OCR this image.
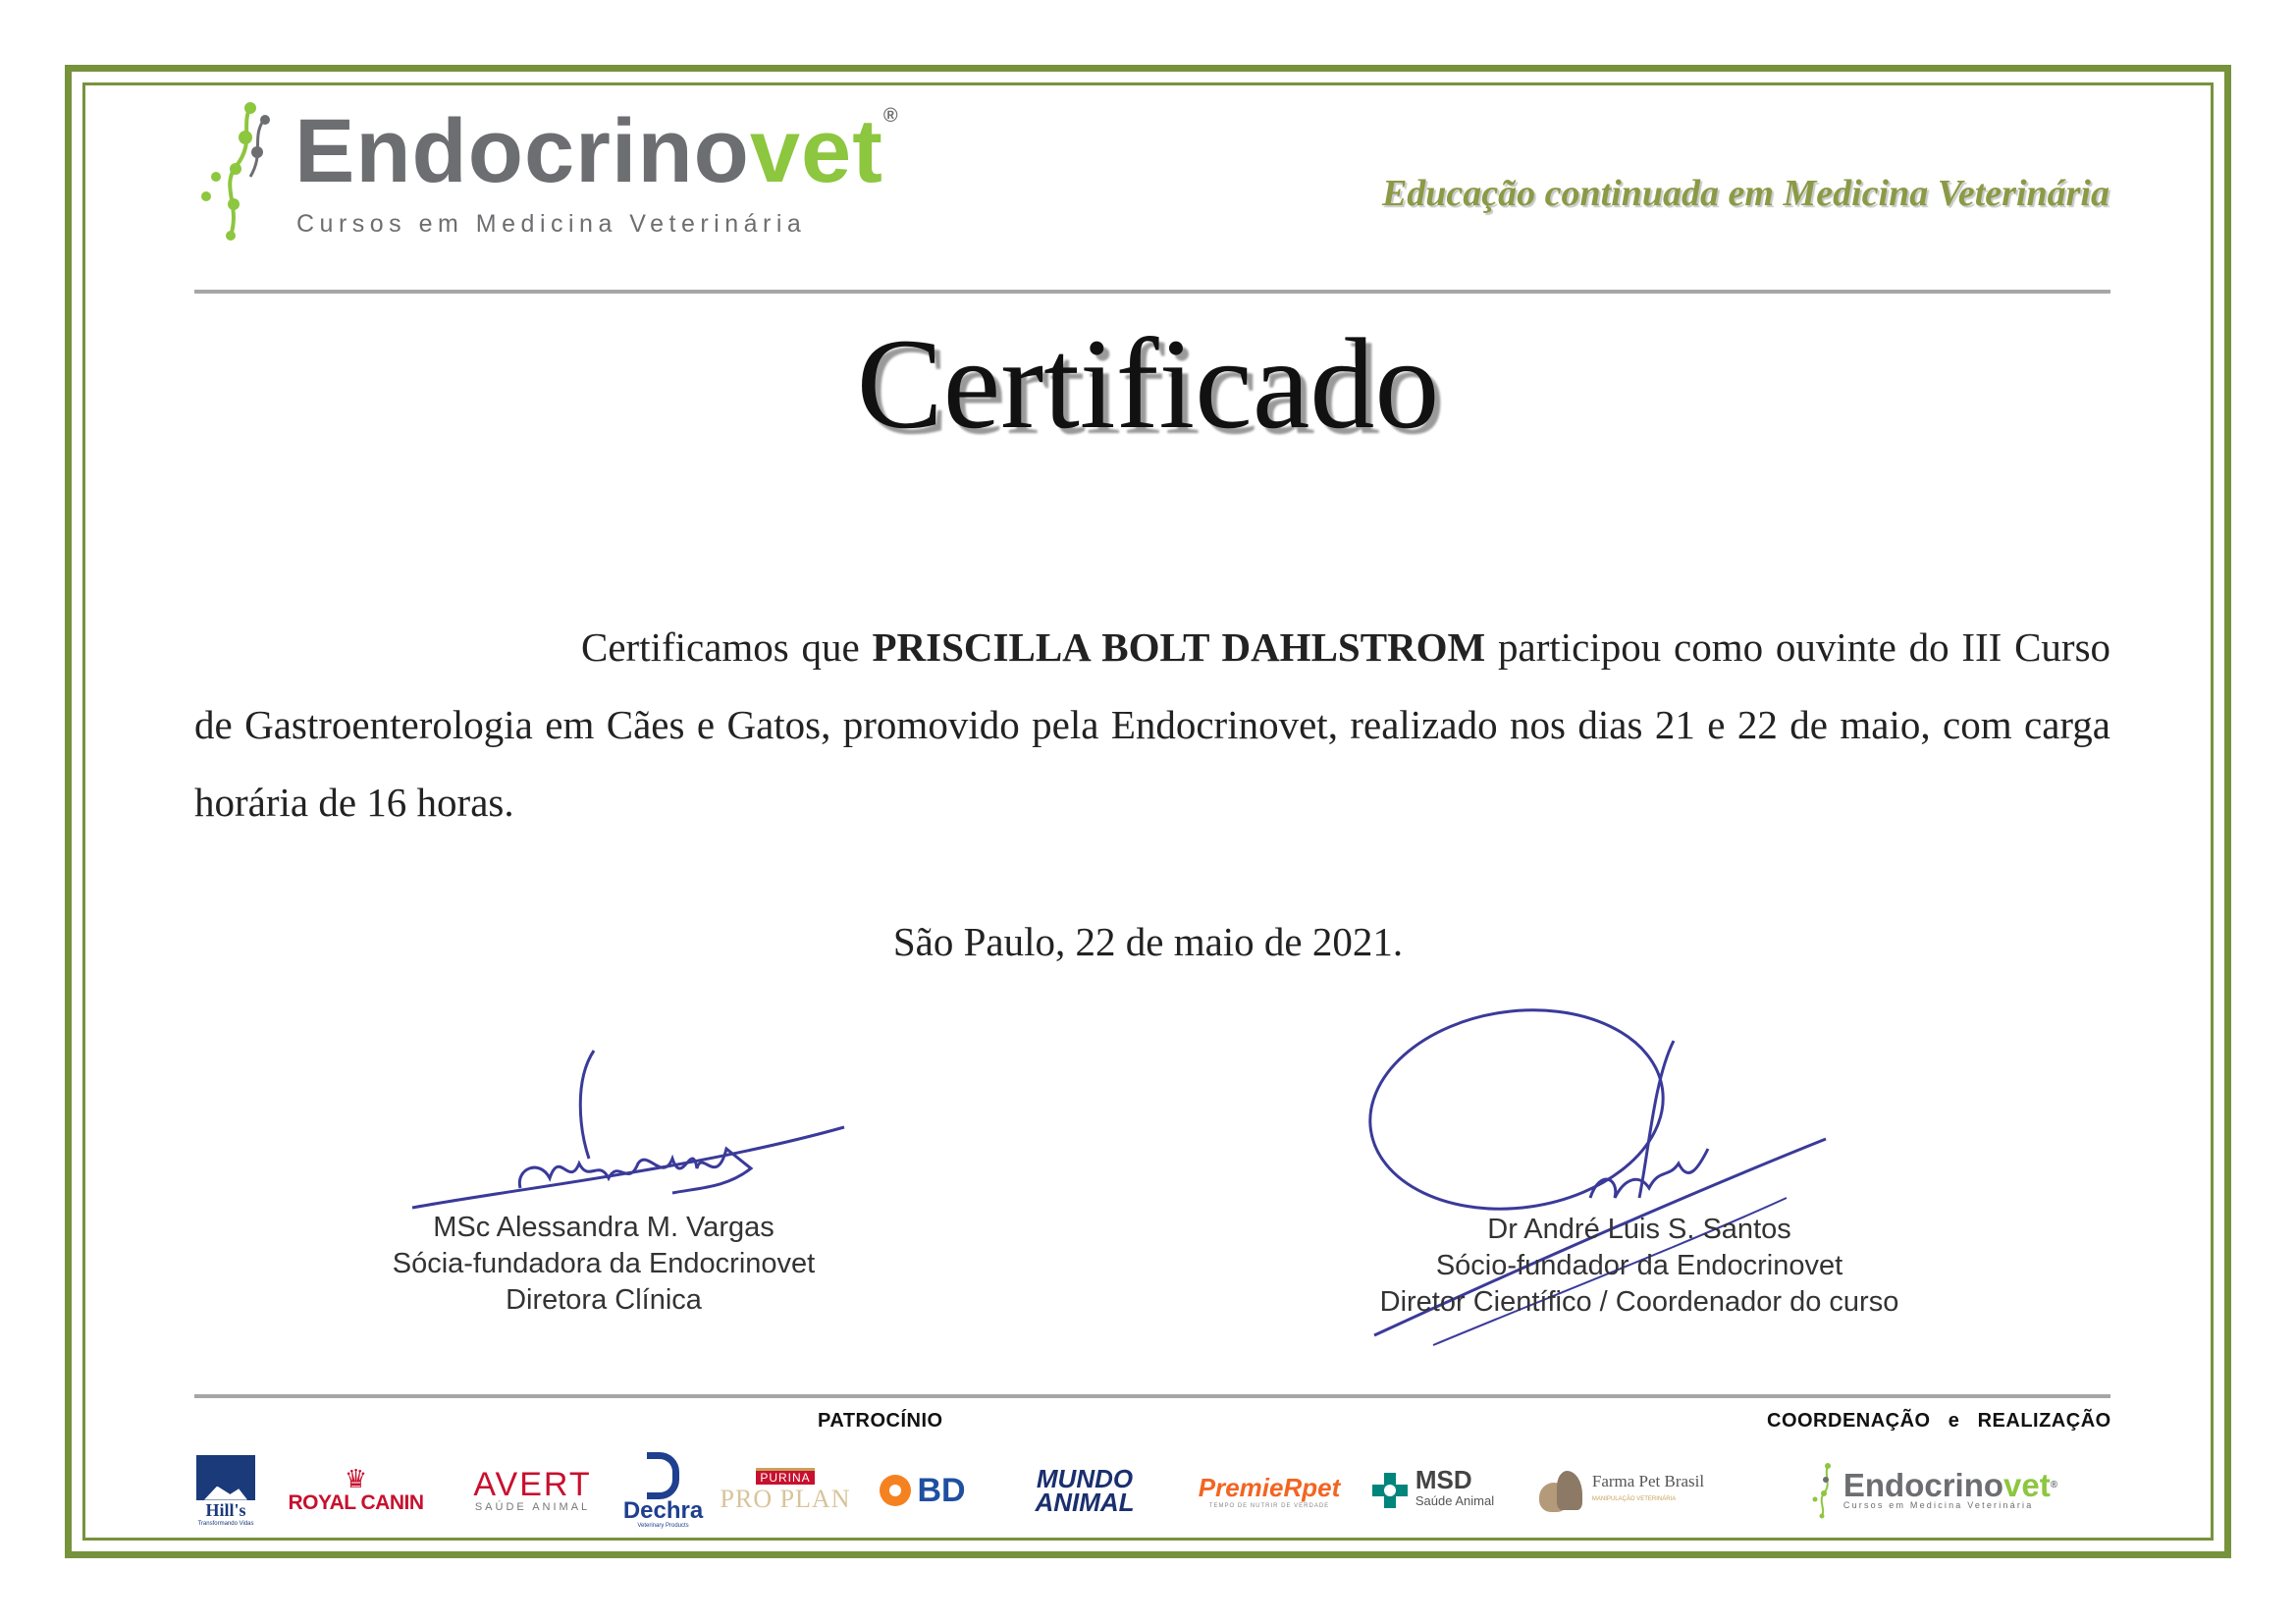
Endocrinovet®
Cursos em Medicina Veterinária
Educação continuada em Medicina Veterinária
Certificado
Certificamos que PRISCILLA BOLT DAHLSTROM participou como ouvinte do III Curso de Gastroenterologia em Cães e Gatos, promovido pela Endocrinovet, realizado nos dias 21 e 22 de maio, com carga horária de 16 horas.
São Paulo, 22 de maio de 2021.
MSc Alessandra M. Vargas
Sócia-fundadora da Endocrinovet
Diretora Clínica
Dr André Luis S. Santos
Sócio-fundador da Endocrinovet
Diretor Científico / Coordenador do curso
PATROCÍNIO	COORDENAÇÃO e REALIZAÇÃO
Hill's
Transformando Vidas
♛
ROYAL CANIN AVERT
SAÚDE ANIMAL Dechra
Veterinary Products
PURINA
PRO PLAN BD	MUNDO
ANIMAL
PremieRpet
TEMPO DE NUTRIR DE VERDADE
MSD
Saúde Animal
Farma Pet Brasil
MANIPULAÇÃO VETERINÁRIA	Endocrinovet®
Cursos em Medicina Veterinária
